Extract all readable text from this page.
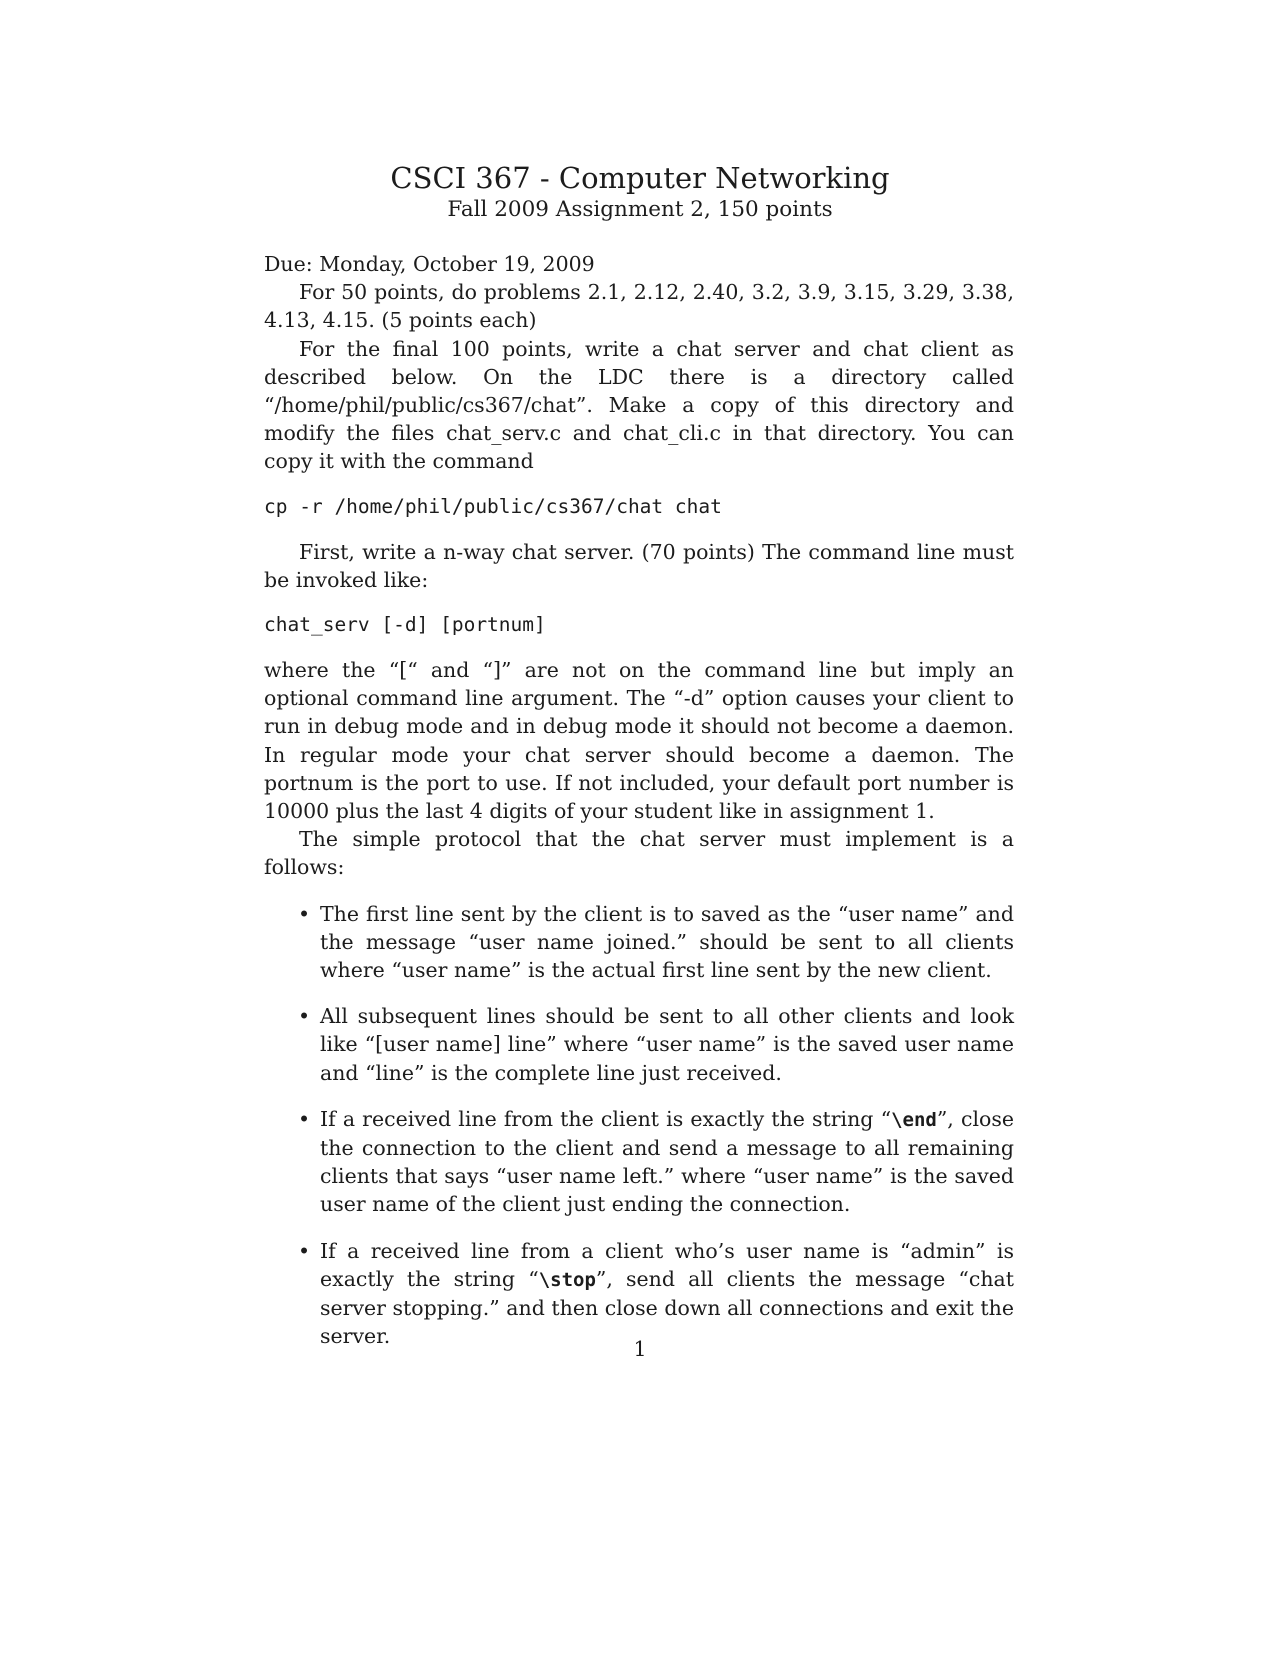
CSCI 367 - Computer Networking
Fall 2009 Assignment 2, 150 points

Due: Monday, October 19, 2009

For 50 points, do problems 2.1, 2.12, 2.40, 3.2, 3.9, 3.15, 3.29, 3.38, 4.13, 4.15. (5 points each)

For the final 100 points, write a chat server and chat client as described below. On the LDC there is a directory called “/home/phil/public/cs367/chat”. Make a copy of this directory and modify the files chat_serv.c and chat_cli.c in that directory. You can copy it with the command

cp -r /home/phil/public/cs367/chat chat

First, write a n-way chat server. (70 points) The command line must be invoked like:

chat_serv [-d] [portnum]

where the “[“ and “]” are not on the command line but imply an optional command line argument. The “-d” option causes your client to run in debug mode and in debug mode it should not become a daemon. In regular mode your chat server should become a daemon. The portnum is the port to use. If not included, your default port number is 10000 plus the last 4 digits of your student like in assignment 1.

The simple protocol that the chat server must implement is a follows:

• The first line sent by the client is to saved as the “user name” and the message “user name joined.” should be sent to all clients where “user name” is the actual first line sent by the new client.
• All subsequent lines should be sent to all other clients and look like “[user name] line” where “user name” is the saved user name and “line” is the complete line just received.
• If a received line from the client is exactly the string “\end”, close the connection to the client and send a message to all remaining clients that says “user name left.” where “user name” is the saved user name of the client just ending the connection.
• If a received line from a client who’s user name is “admin” is exactly the string “\stop”, send all clients the message “chat server stopping.” and then close down all connections and exit the server.
1
